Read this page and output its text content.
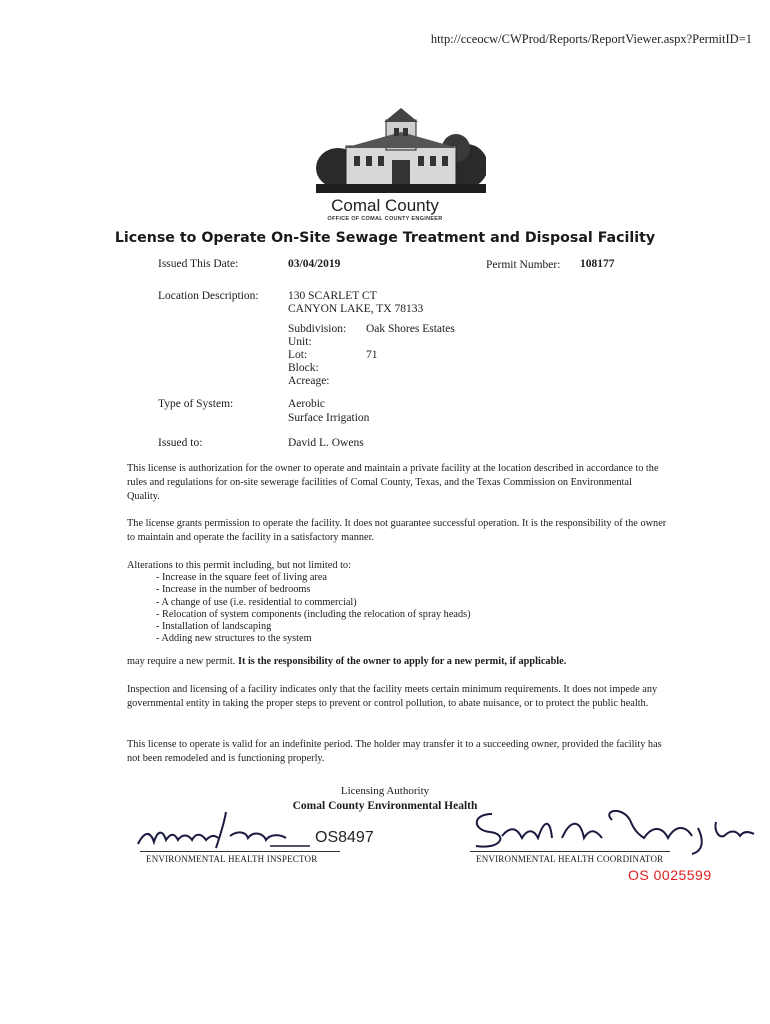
http://cceocw/CWProd/Reports/ReportViewer.aspx?PermitID=1
Comal County
OFFICE OF COMAL COUNTY ENGINEER
License to Operate On-Site Sewage Treatment and Disposal Facility
Issued This Date:	03/04/2019	Permit Number: 108177
Location Description:	130 SCARLET CT
CANYON LAKE, TX 78133
Subdivision: Oak Shores Estates
Unit:
Lot:	71
Block:
Acreage:
Type of System:	Aerobic
Surface Irrigation
Issued to:	David L. Owens
This license is authorization for the owner to operate and maintain a private facility at the location described in accordance to the rules and regulations for on-site sewerage facilities of Comal County, Texas, and the Texas Commission on Environmental Quality.
The license grants permission to operate the facility. It does not guarantee successful operation. It is the responsibility of the owner to maintain and operate the facility in a satisfactory manner.
Alterations to this permit including, but not limited to:
- Increase in the square feet of living area
- Increase in the number of bedrooms
- A change of use (i.e. residential to commercial)
- Relocation of system components (including the relocation of spray heads)
- Installation of landscaping
- Adding new structures to the system
may require a new permit. It is the responsibility of the owner to apply for a new permit, if applicable.
Inspection and licensing of a facility indicates only that the facility meets certain minimum requirements. It does not impede any governmental entity in taking the proper steps to prevent or control pollution, to abate nuisance, or to protect the public health.
This license to operate is valid for an indefinite period. The holder may transfer it to a succeeding owner, provided the facility has not been remodeled and is functioning properly.
Licensing Authority
Comal County Environmental Health
OS8497
ENVIRONMENTAL HEALTH INSPECTOR	ENVIRONMENTAL HEALTH COORDINATOR
OS 0025599
